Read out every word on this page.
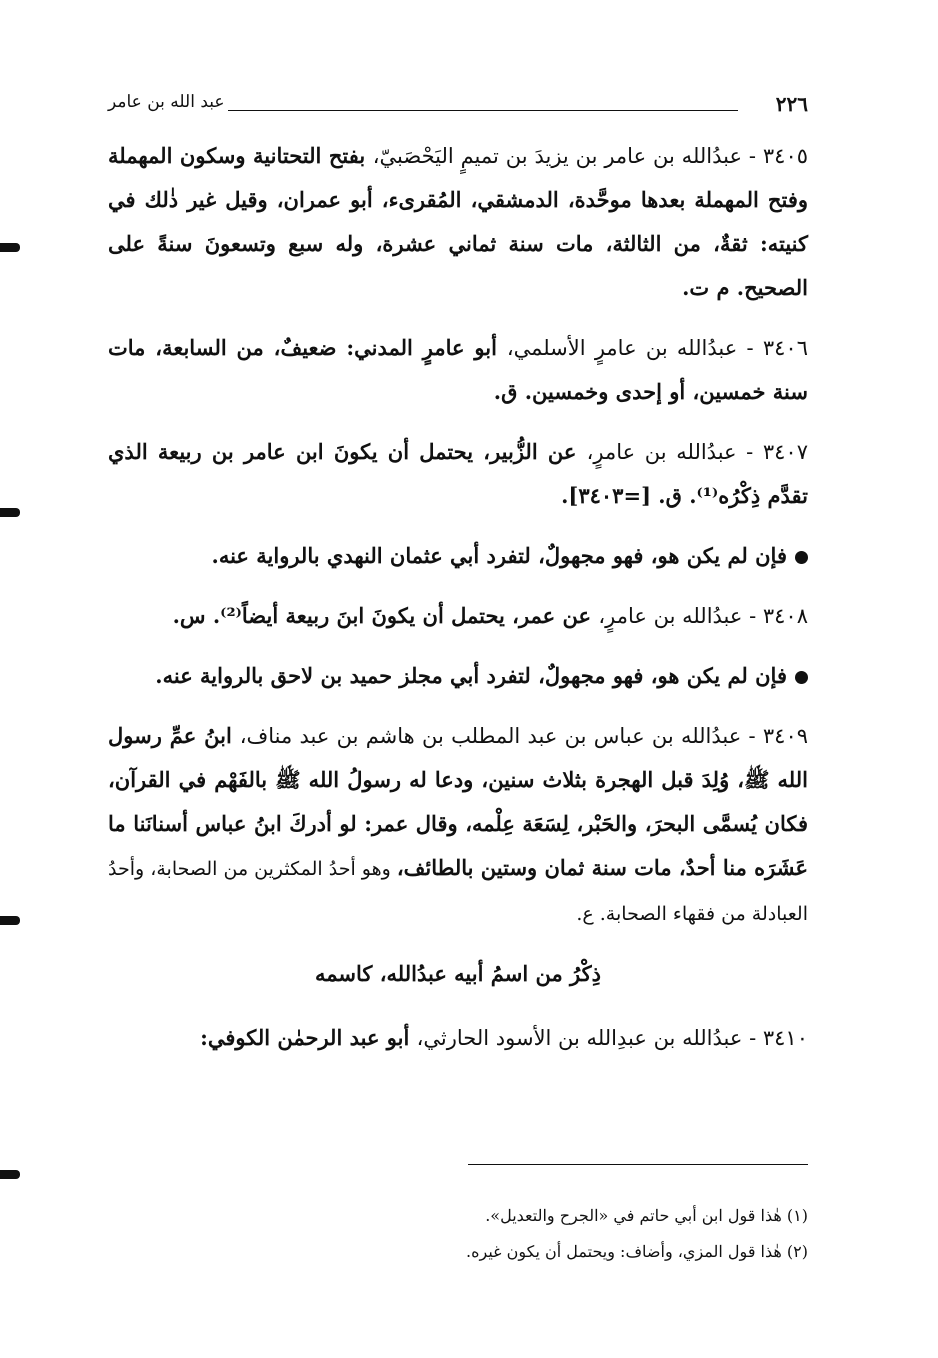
٢٢٦
عبد الله بن عامر

٣٤٠٥ - عبدُالله بن عامر بن يزيدَ بن تميمٍ اليَحْصَبيّ، بفتح التحتانية وسكون المهملة وفتح المهملة بعدها موحَّدة، الدمشقي، المُقرىء، أبو عمران، وقيل غير ذٰلك في كنيته: ثقةٌ، من الثالثة، مات سنة ثماني عشرة، وله سبع وتسعونَ سنةً على الصحيح. م ت.

٣٤٠٦ - عبدُالله بن عامرٍ الأسلمي، أبو عامرٍ المدني: ضعيفٌ، من السابعة، مات سنة خمسين، أو إحدى وخمسين. ق.

٣٤٠٧ - عبدُالله بن عامرٍ، عن الزُّبير، يحتمل أن يكونَ ابن عامر بن ربيعة الذي تقدَّم ذِكْرُه⁽¹⁾. ق. [=٣٤٠٣].

فإن لم يكن هو، فهو مجهولٌ، لتفرد أبي عثمان النهدي بالرواية عنه.

٣٤٠٨ - عبدُالله بن عامرٍ، عن عمر، يحتمل أن يكونَ ابنَ ربيعة أيضاً⁽²⁾. س.

فإن لم يكن هو، فهو مجهولٌ، لتفرد أبي مجلز حميد بن لاحق بالرواية عنه.

٣٤٠٩ - عبدُالله بن عباس بن عبد المطلب بن هاشم بن عبد مناف، ابنُ عمِّ رسول الله ﷺ، وُلِدَ قبل الهجرة بثلاث سنين، ودعا له رسولُ الله ﷺ بالفَهْم في القرآن، فكان يُسمَّى البحرَ، والحَبْر، لِسَعَة عِلْمه، وقال عمر: لو أدركَ ابنُ عباس أسنانَنا ما عَشَرَه منا أحدٌ، مات سنة ثمان وستين بالطائف، وهو أحدُ المكثرين من الصحابة، وأحدُ العبادلة من فقهاء الصحابة. ع.

ذِكْرُ من اسمُ أبيه عبدُالله، كاسمه

٣٤١٠ - عبدُالله بن عبدِالله بن الأسود الحارثي، أبو عبد الرحمٰن الكوفي:

(١) هٰذا قول ابن أبي حاتم في «الجرح والتعديل».
(٢) هٰذا قول المزي، وأضاف: ويحتمل أن يكون غيره.
